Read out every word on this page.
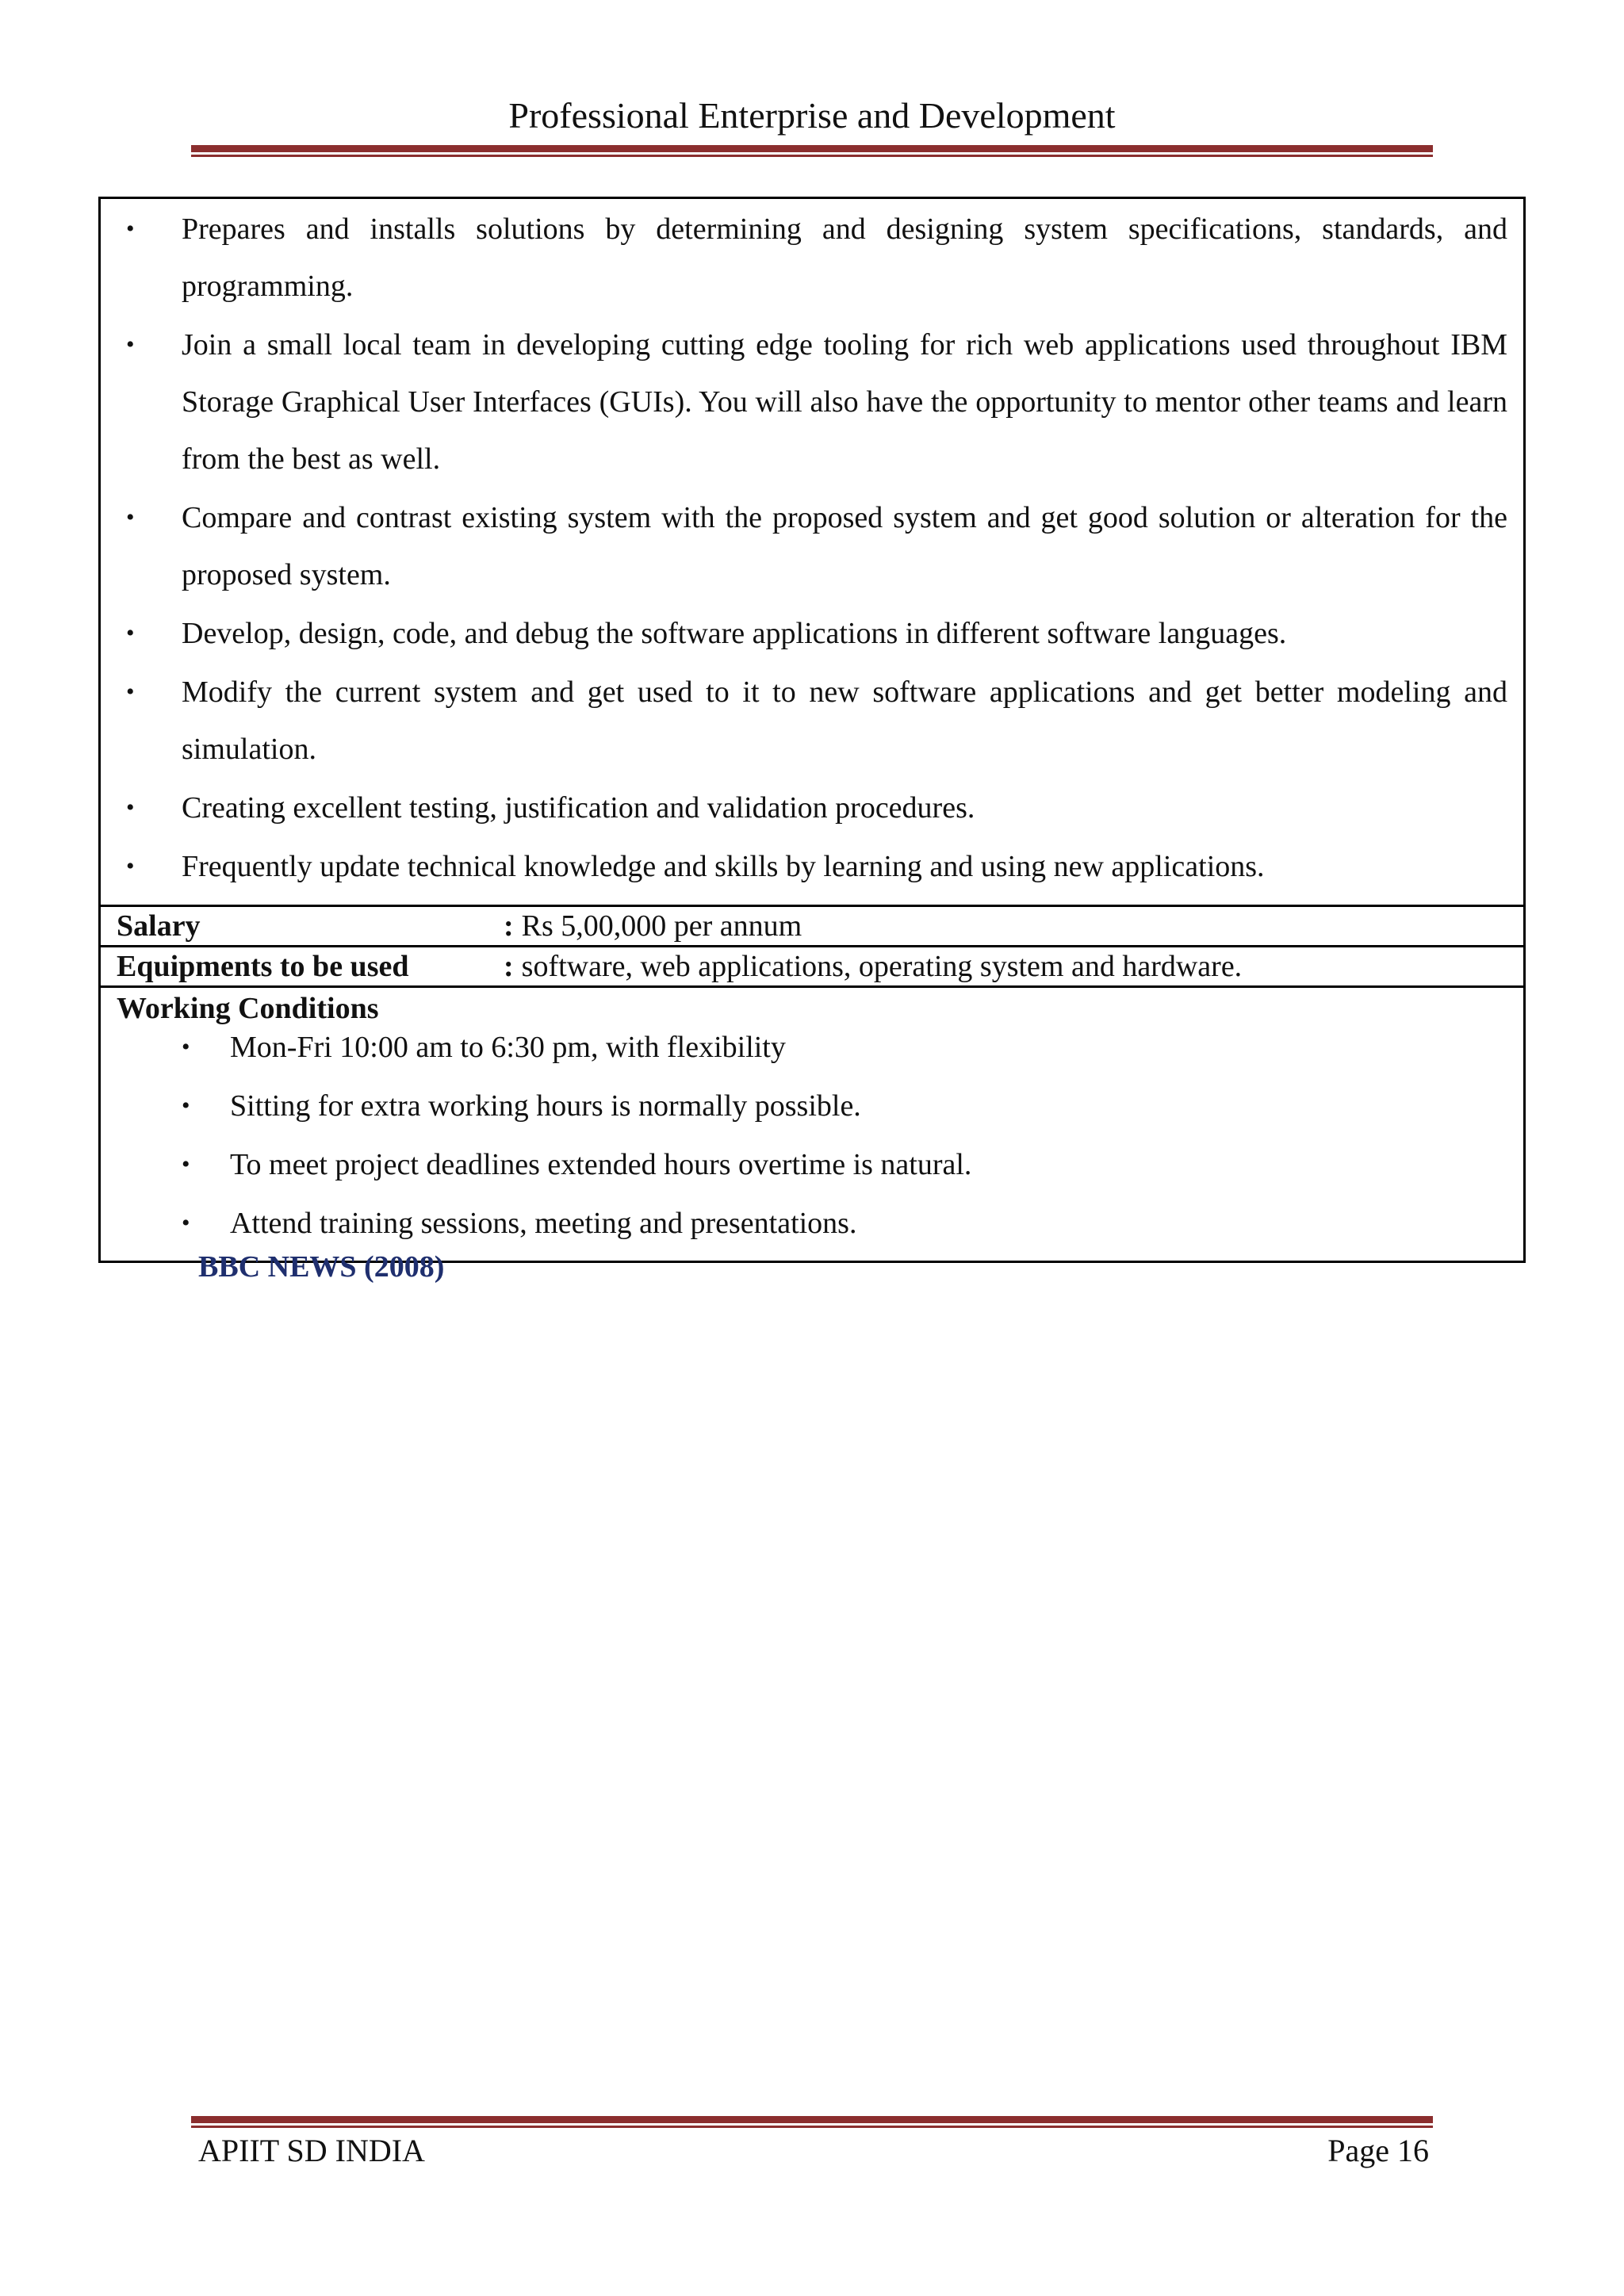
Professional Enterprise and Development
• Prepares and installs solutions by determining and designing system specifications, standards, and programming.
• Join a small local team in developing cutting edge tooling for rich web applications used throughout IBM Storage Graphical User Interfaces (GUIs). You will also have the opportunity to mentor other teams and learn from the best as well.
• Compare and contrast existing system with the proposed system and get good solution or alteration for the proposed system.
• Develop, design, code, and debug the software applications in different software languages.
• Modify the current system and get used to it to new software applications and get better modeling and simulation.
• Creating excellent testing, justification and validation procedures.
• Frequently update technical knowledge and skills by learning and using new applications.
Salary	: Rs 5,00,000 per annum
Equipments to be used	: software, web applications, operating system and hardware.
Working Conditions
• Mon-Fri 10:00 am to 6:30 pm, with flexibility
• Sitting for extra working hours is normally possible.
• To meet project deadlines extended hours overtime is natural.
• Attend training sessions, meeting and presentations.
BBC NEWS (2008)
APIIT SD INDIA	Page 16
